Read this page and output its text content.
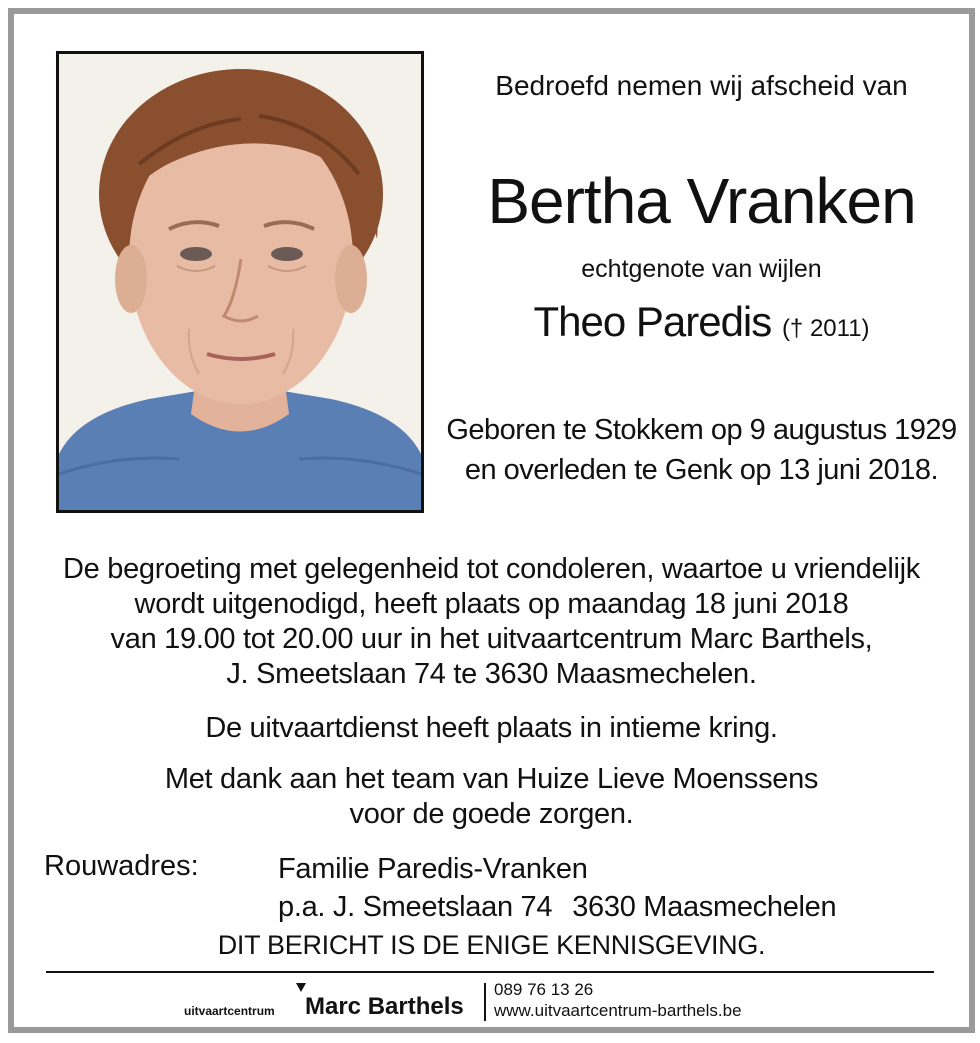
Bedroefd nemen wij afscheid van
Bertha Vranken
echtgenote van wijlen
Theo Paredis († 2011)
Geboren te Stokkem op 9 augustus 1929
en overleden te Genk op 13 juni 2018.
De begroeting met gelegenheid tot condoleren, waartoe u vriendelijk
wordt uitgenodigd, heeft plaats op maandag 18 juni 2018
van 19.00 tot 20.00 uur in het uitvaartcentrum Marc Barthels,
J. Smeetslaan 74 te 3630 Maasmechelen.
De uitvaartdienst heeft plaats in intieme kring.
Met dank aan het team van Huize Lieve Moenssens
voor de goede zorgen.
Rouwadres:	Familie Paredis-Vranken
p.a. J. Smeetslaan 74 3630 Maasmechelen
DIT BERICHT IS DE ENIGE KENNISGEVING.
uitvaartcentrum Marc Barthels
089 76 13 26
www.uitvaartcentrum-barthels.be
